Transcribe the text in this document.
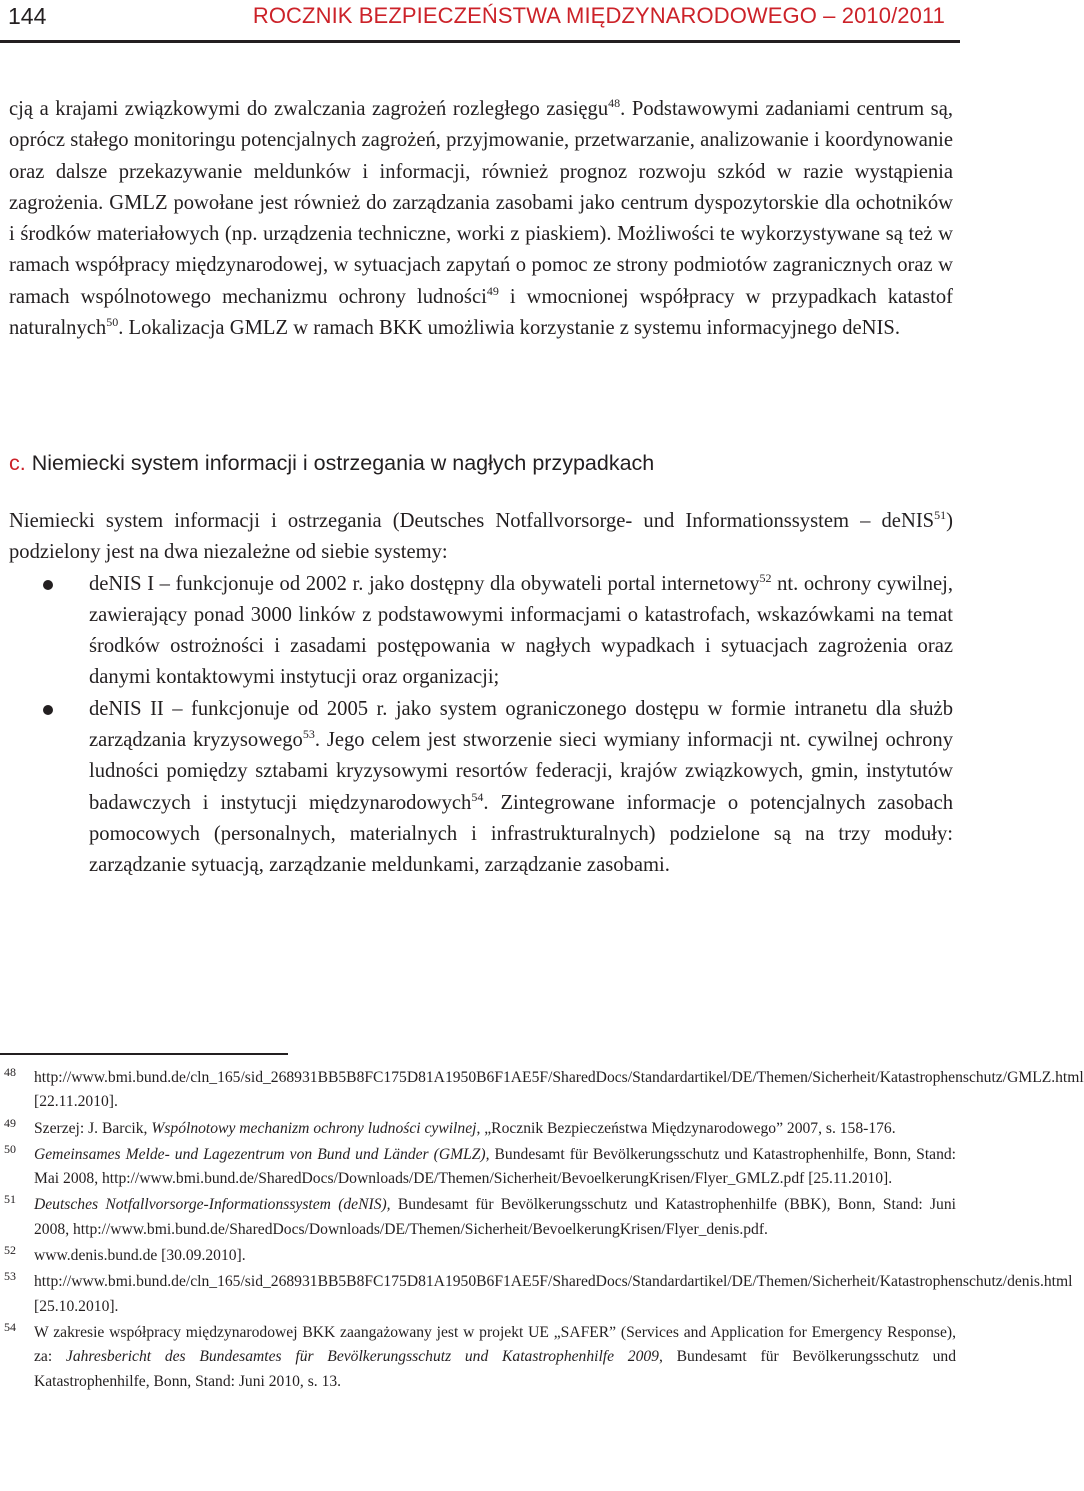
144	ROCZNIK BEZPIECZEŃSTWA MIĘDZYNARODOWEGO – 2010/2011

cją a krajami związkowymi do zwalczania zagrożeń rozległego zasięgu$^{48}$. Podstawowymi zadaniami centrum są, oprócz stałego monitoringu potencjalnych zagrożeń, przyjmowanie, przetwarzanie, analizowanie i koordynowanie oraz dalsze przekazywanie meldunków i informacji, również prognoz rozwoju szkód w razie wystąpienia zagrożenia. GMLZ powołane jest również do zarządzania zasobami jako centrum dyspozytorskie dla ochotników i środków materiałowych (np. urządzenia techniczne, worki z piaskiem). Możliwości te wykorzystywane są też w ramach współpracy międzynarodowej, w sytuacjach zapytań o pomoc ze strony podmiotów zagranicznych oraz w ramach wspólnotowego mechanizmu ochrony ludności$^{49}$ i wmocnionej współpracy w przypadkach katastof naturalnych$^{50}$. Lokalizacja GMLZ w ramach BKK umożliwia korzystanie z systemu informacyjnego deNIS.

c. Niemiecki system informacji i ostrzegania w nagłych przypadkach

Niemiecki system informacji i ostrzegania (Deutsches Notfallvorsorge- und Informationssystem – deNIS$^{51}$) podzielony jest na dwa niezależne od siebie systemy:

deNIS I – funkcjonuje od 2002 r. jako dostępny dla obywateli portal internetowy$^{52}$ nt. ochrony cywilnej, zawierający ponad 3000 linków z podstawowymi informacjami o katastrofach, wskazówkami na temat środków ostrożności i zasadami postępowania w nagłych wypadkach i sytuacjach zagrożenia oraz danymi kontaktowymi instytucji oraz organizacji;
deNIS II – funkcjonuje od 2005 r. jako system ograniczonego dostępu w formie intranetu dla służb zarządzania kryzysowego$^{53}$. Jego celem jest stworzenie sieci wymiany informacji nt. cywilnej ochrony ludności pomiędzy sztabami kryzysowymi resortów federacji, krajów związkowych, gmin, instytutów badawczych i instytucji międzynarodowych$^{54}$. Zintegrowane informacje o potencjalnych zasobach pomocowych (personalnych, materialnych i infrastrukturalnych) podzielone są na trzy moduły: zarządzanie sytuacją, zarządzanie meldunkami, zarządzanie zasobami.
48 http://www.bmi.bund.de/cln_165/sid_268931BB5B8FC175D81A1950B6F1AE5F/SharedDocs/Standardartikel/DE/Themen/Sicherheit/Katastrophenschutz/GMLZ.html [22.11.2010].
49 Szerzej: J. Barcik, Wspólnotowy mechanizm ochrony ludności cywilnej, „Rocznik Bezpieczeństwa Międzynarodowego” 2007, s. 158-176.
50 Gemeinsames Melde- und Lagezentrum von Bund und Länder (GMLZ), Bundesamt für Bevölkerungsschutz und Katastrophenhilfe, Bonn, Stand: Mai 2008, http://www.bmi.bund.de/SharedDocs/Downloads/DE/Themen/Sicherheit/BevoelkerungKrisen/Flyer_GMLZ.pdf [25.11.2010].
51 Deutsches Notfallvorsorge-Informationssystem (deNIS), Bundesamt für Bevölkerungsschutz und Katastrophenhilfe (BBK), Bonn, Stand: Juni 2008, http://www.bmi.bund.de/SharedDocs/Downloads/DE/Themen/Sicherheit/BevoelkerungKrisen/Flyer_denis.pdf.
52 www.denis.bund.de [30.09.2010].
53 http://www.bmi.bund.de/cln_165/sid_268931BB5B8FC175D81A1950B6F1AE5F/SharedDocs/Standardartikel/DE/Themen/Sicherheit/Katastrophenschutz/denis.html [25.10.2010].
54 W zakresie współpracy międzynarodowej BKK zaangażowany jest w projekt UE „SAFER” (Services and Application for Emergency Response), za: Jahresbericht des Bundesamtes für Bevölkerungsschutz und Katastrophenhilfe 2009, Bundesamt für Bevölkerungsschutz und Katastrophenhilfe, Bonn, Stand: Juni 2010, s. 13.
